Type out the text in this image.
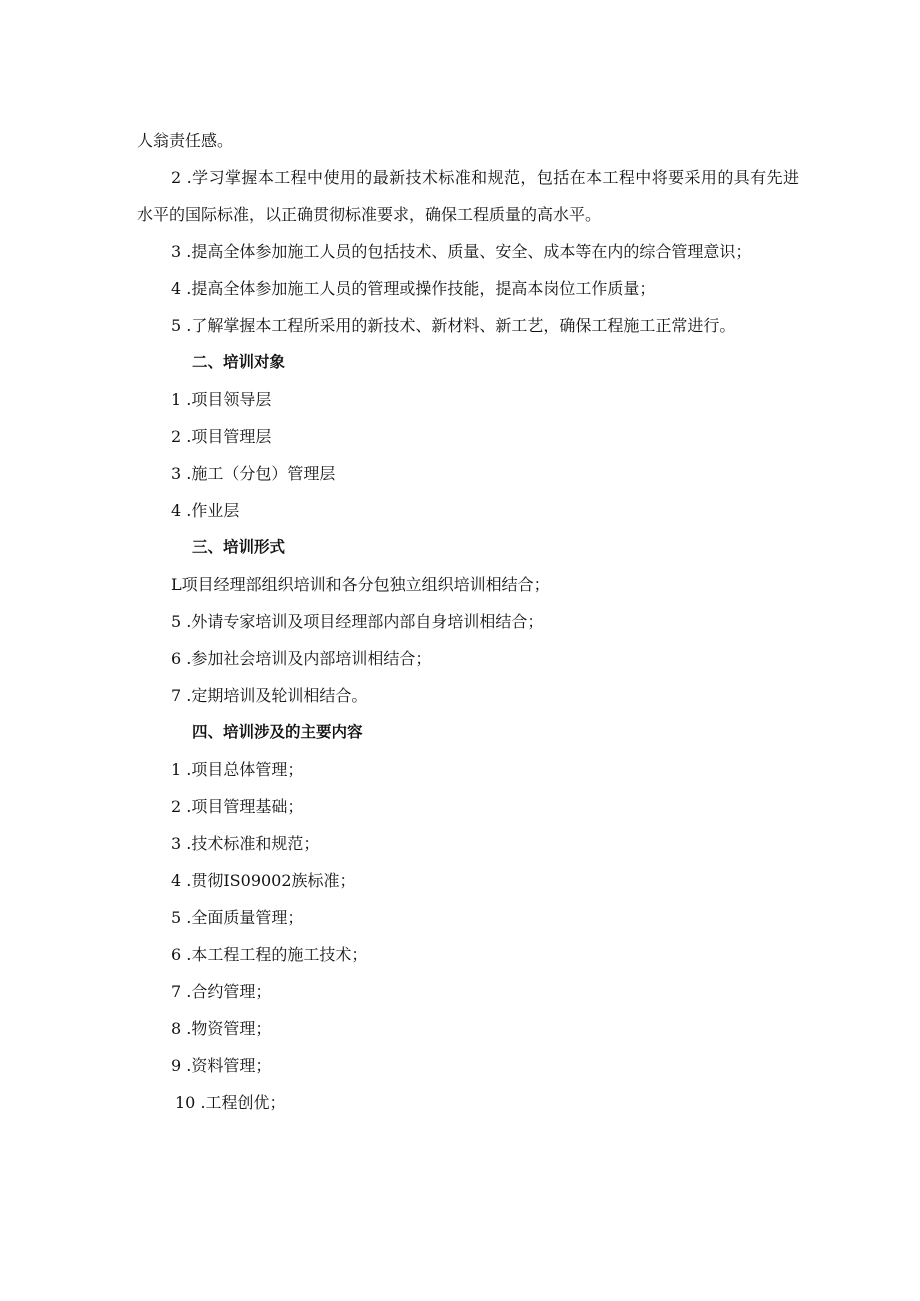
人翁责任感。

2 .学习掌握本工程中使用的最新技术标准和规范，包括在本工程中将要采用的具有先进水平的国际标准，以正确贯彻标准要求，确保工程质量的高水平。

3 .提高全体参加施工人员的包括技术、质量、安全、成本等在内的综合管理意识；

4 .提高全体参加施工人员的管理或操作技能，提高本岗位工作质量；

5 .了解掌握本工程所采用的新技术、新材料、新工艺，确保工程施工正常进行。

二、培训对象

1 .项目领导层

2 .项目管理层

3 .施工（分包）管理层

4 .作业层

三、培训形式

L项目经理部组织培训和各分包独立组织培训相结合；

5 .外请专家培训及项目经理部内部自身培训相结合；

6 .参加社会培训及内部培训相结合；

7 .定期培训及轮训相结合。

四、培训涉及的主要内容

1 .项目总体管理；

2 .项目管理基础；

3 .技术标准和规范；

4 .贯彻IS09002族标准；

5 .全面质量管理；

6 .本工程工程的施工技术；

7 .合约管理；

8 .物资管理；

9 .资料管理；

10 .工程创优；
